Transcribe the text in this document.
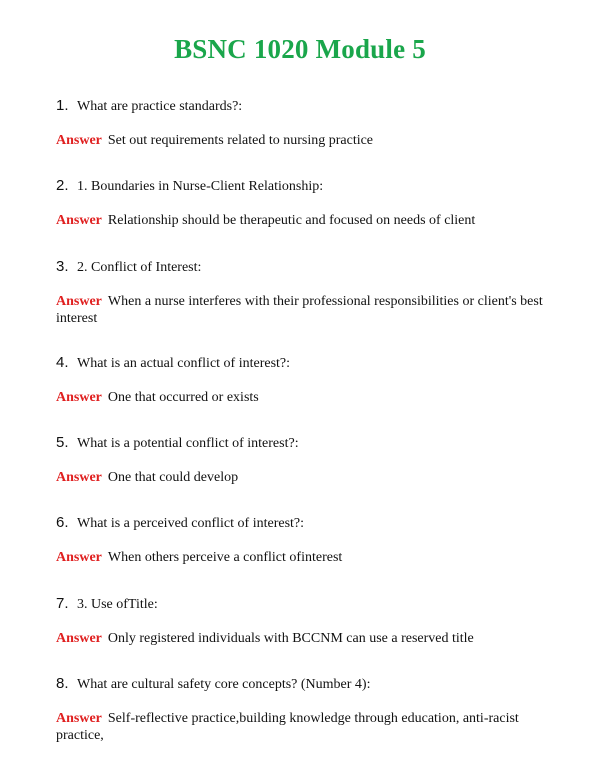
BSNC 1020 Module 5
1. What are practice standards?:
Answer Set out requirements related to nursing practice
2. 1. Boundaries in Nurse-Client Relationship:
Answer Relationship should be therapeutic and focused on needs of client
3. 2. Conflict of Interest:
Answer When a nurse interferes with their professional responsibilities or client's best interest
4. What is an actual conflict of interest?:
Answer One that occurred or exists
5. What is a potential conflict of interest?:
Answer One that could develop
6. What is a perceived conflict of interest?:
Answer When others perceive a conflict ofinterest
7. 3. Use ofTitle:
Answer Only registered individuals with BCCNM can use a reserved title
8. What are cultural safety core concepts? (Number 4):
Answer Self-reflective practice,building knowledge through education, anti-racist practice,
